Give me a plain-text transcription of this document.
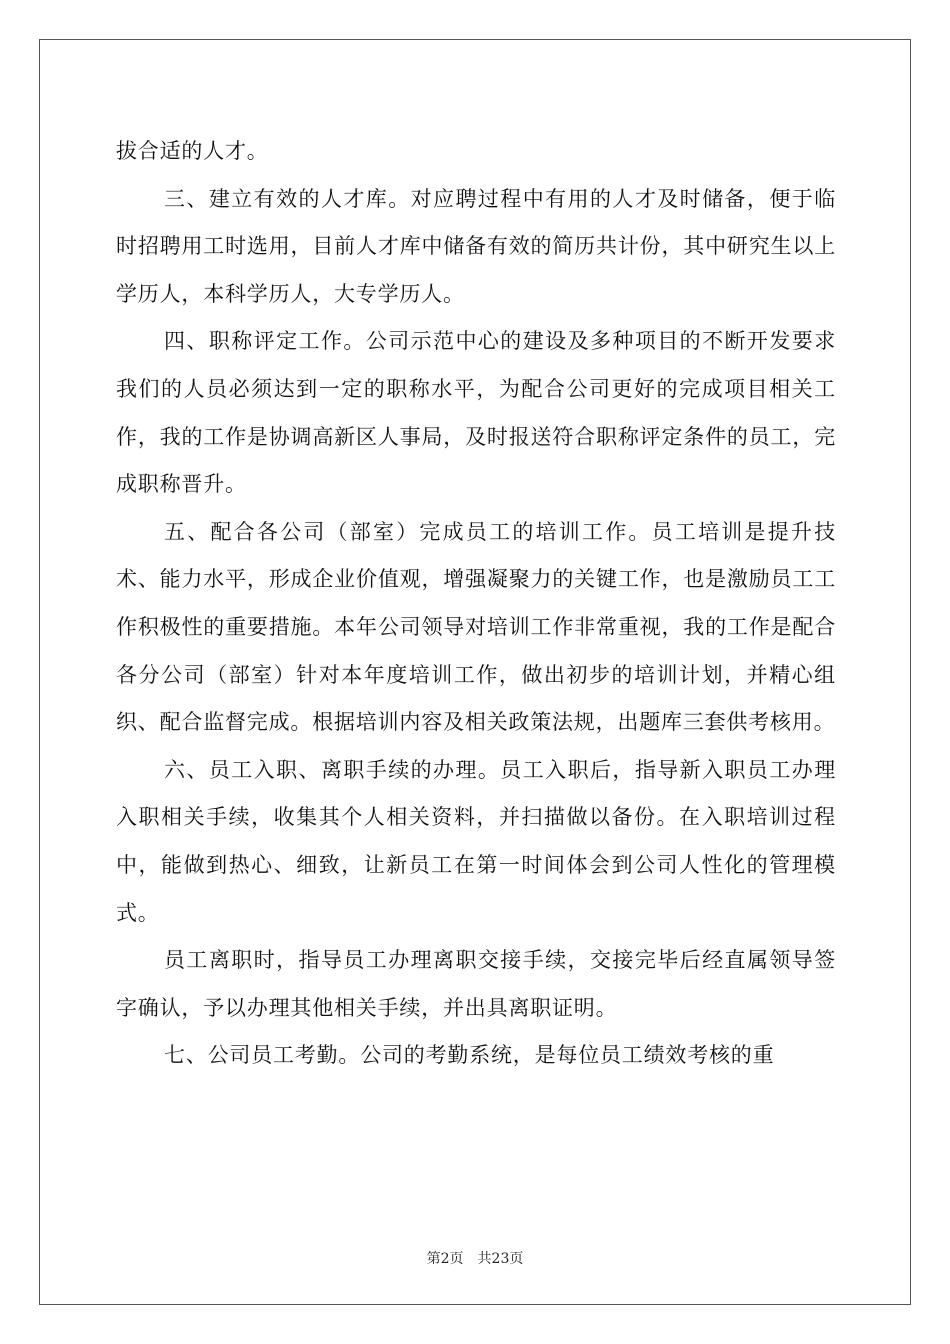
拔合适的人才。

三、建立有效的人才库。对应聘过程中有用的人才及时储备，便于临时招聘用工时选用，目前人才库中储备有效的简历共计份，其中研究生以上学历人，本科学历人，大专学历人。

四、职称评定工作。公司示范中心的建设及多种项目的不断开发要求我们的人员必须达到一定的职称水平，为配合公司更好的完成项目相关工作，我的工作是协调高新区人事局，及时报送符合职称评定条件的员工，完成职称晋升。

五、配合各公司（部室）完成员工的培训工作。员工培训是提升技术、能力水平，形成企业价值观，增强凝聚力的关键工作，也是激励员工工作积极性的重要措施。本年公司领导对培训工作非常重视，我的工作是配合各分公司（部室）针对本年度培训工作，做出初步的培训计划，并精心组织、配合监督完成。根据培训内容及相关政策法规，出题库三套供考核用。

六、员工入职、离职手续的办理。员工入职后，指导新入职员工办理入职相关手续，收集其个人相关资料，并扫描做以备份。在入职培训过程中，能做到热心、细致，让新员工在第一时间体会到公司人性化的管理模式。

员工离职时，指导员工办理离职交接手续，交接完毕后经直属领导签字确认，予以办理其他相关手续，并出具离职证明。

七、公司员工考勤。公司的考勤系统，是每位员工绩效考核的重

第2页 共23页
